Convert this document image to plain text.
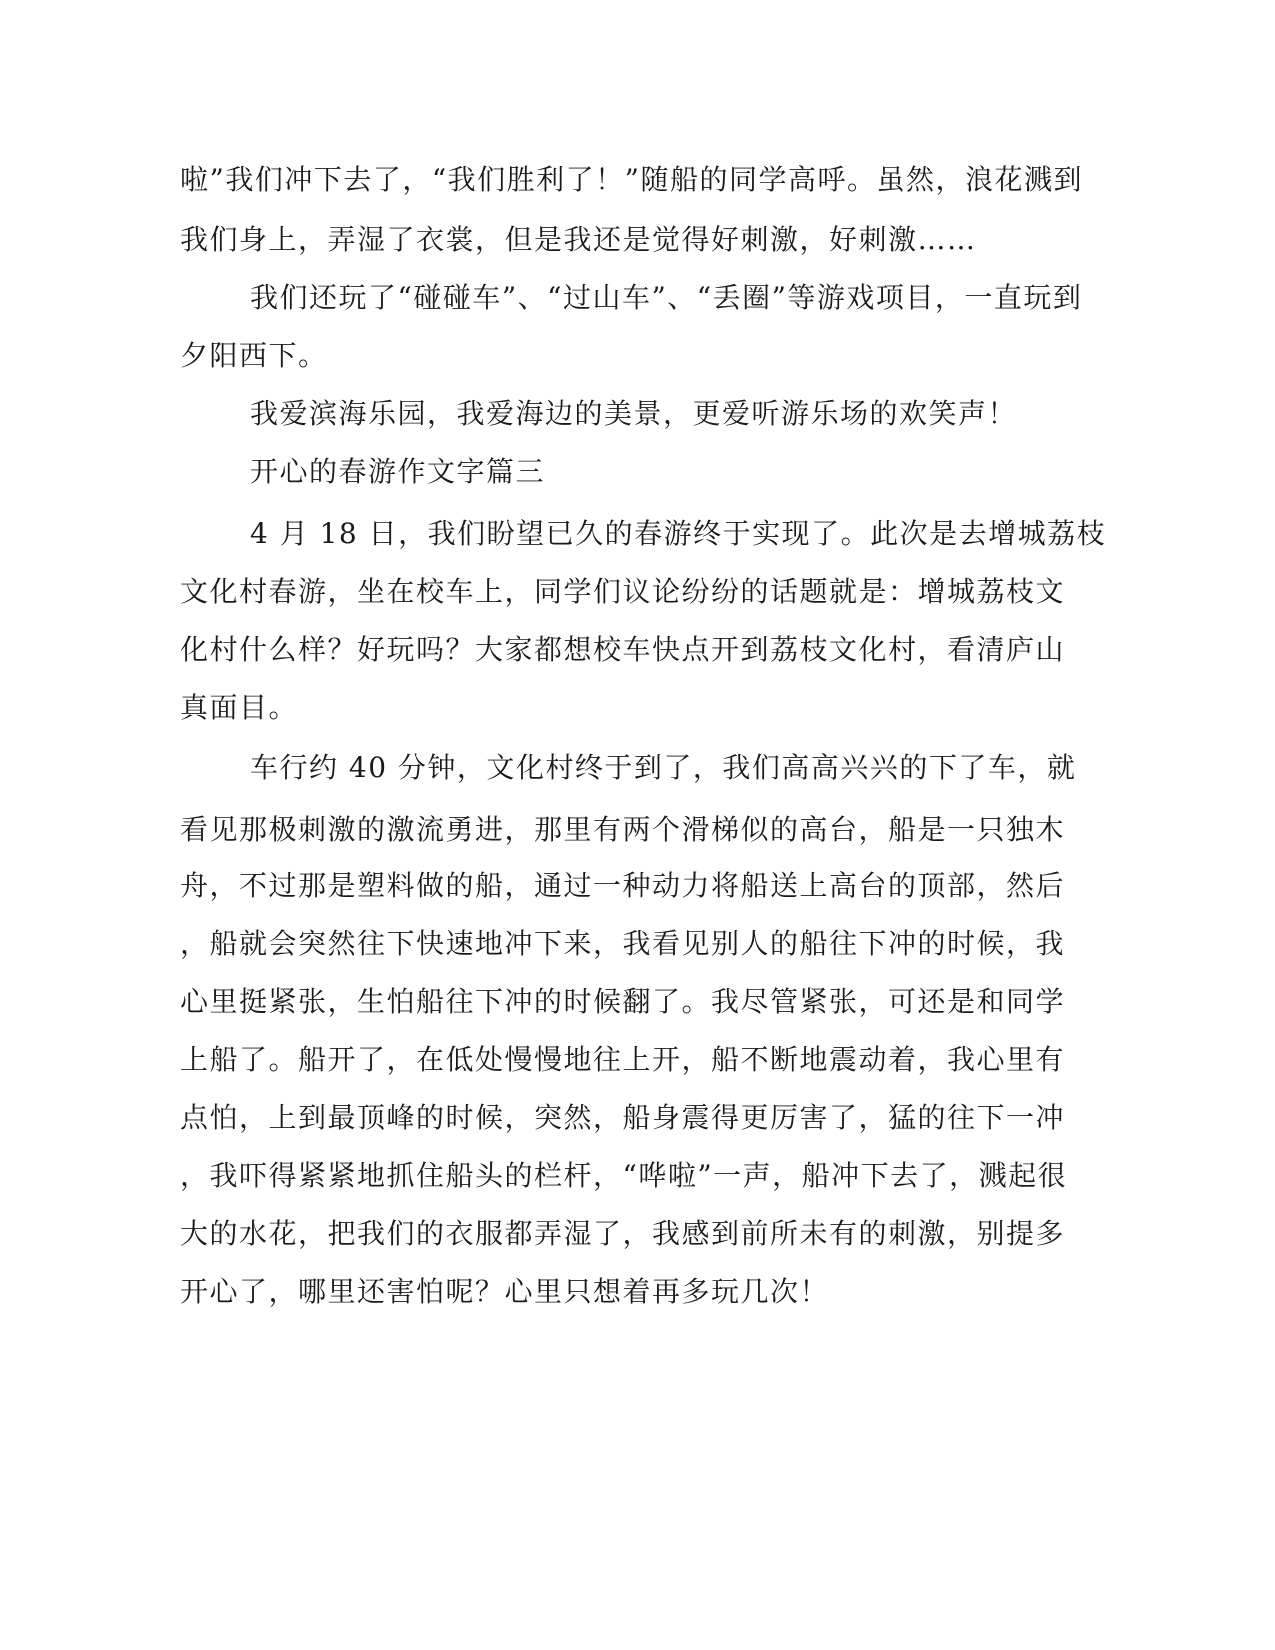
啦”我们冲下去了，“我们胜利了！”随船的同学高呼。虽然，浪花溅到

我们身上，弄湿了衣裳，但是我还是觉得好刺激，好刺激……

我们还玩了“碰碰车”、“过山车”、“丢圈”等游戏项目，一直玩到

夕阳西下。

我爱滨海乐园，我爱海边的美景，更爱听游乐场的欢笑声！

开心的春游作文字篇三

4 月 18 日，我们盼望已久的春游终于实现了。此次是去增城荔枝

文化村春游，坐在校车上，同学们议论纷纷的话题就是：增城荔枝文

化村什么样？好玩吗？大家都想校车快点开到荔枝文化村，看清庐山

真面目。

车行约 40 分钟，文化村终于到了，我们高高兴兴的下了车，就

看见那极刺激的激流勇进，那里有两个滑梯似的高台，船是一只独木

舟，不过那是塑料做的船，通过一种动力将船送上高台的顶部，然后

，船就会突然往下快速地冲下来，我看见别人的船往下冲的时候，我

心里挺紧张，生怕船往下冲的时候翻了。我尽管紧张，可还是和同学

上船了。船开了，在低处慢慢地往上开，船不断地震动着，我心里有

点怕，上到最顶峰的时候，突然，船身震得更厉害了，猛的往下一冲

，我吓得紧紧地抓住船头的栏杆，“哗啦”一声，船冲下去了，溅起很

大的水花，把我们的衣服都弄湿了，我感到前所未有的刺激，别提多

开心了，哪里还害怕呢？心里只想着再多玩几次！
